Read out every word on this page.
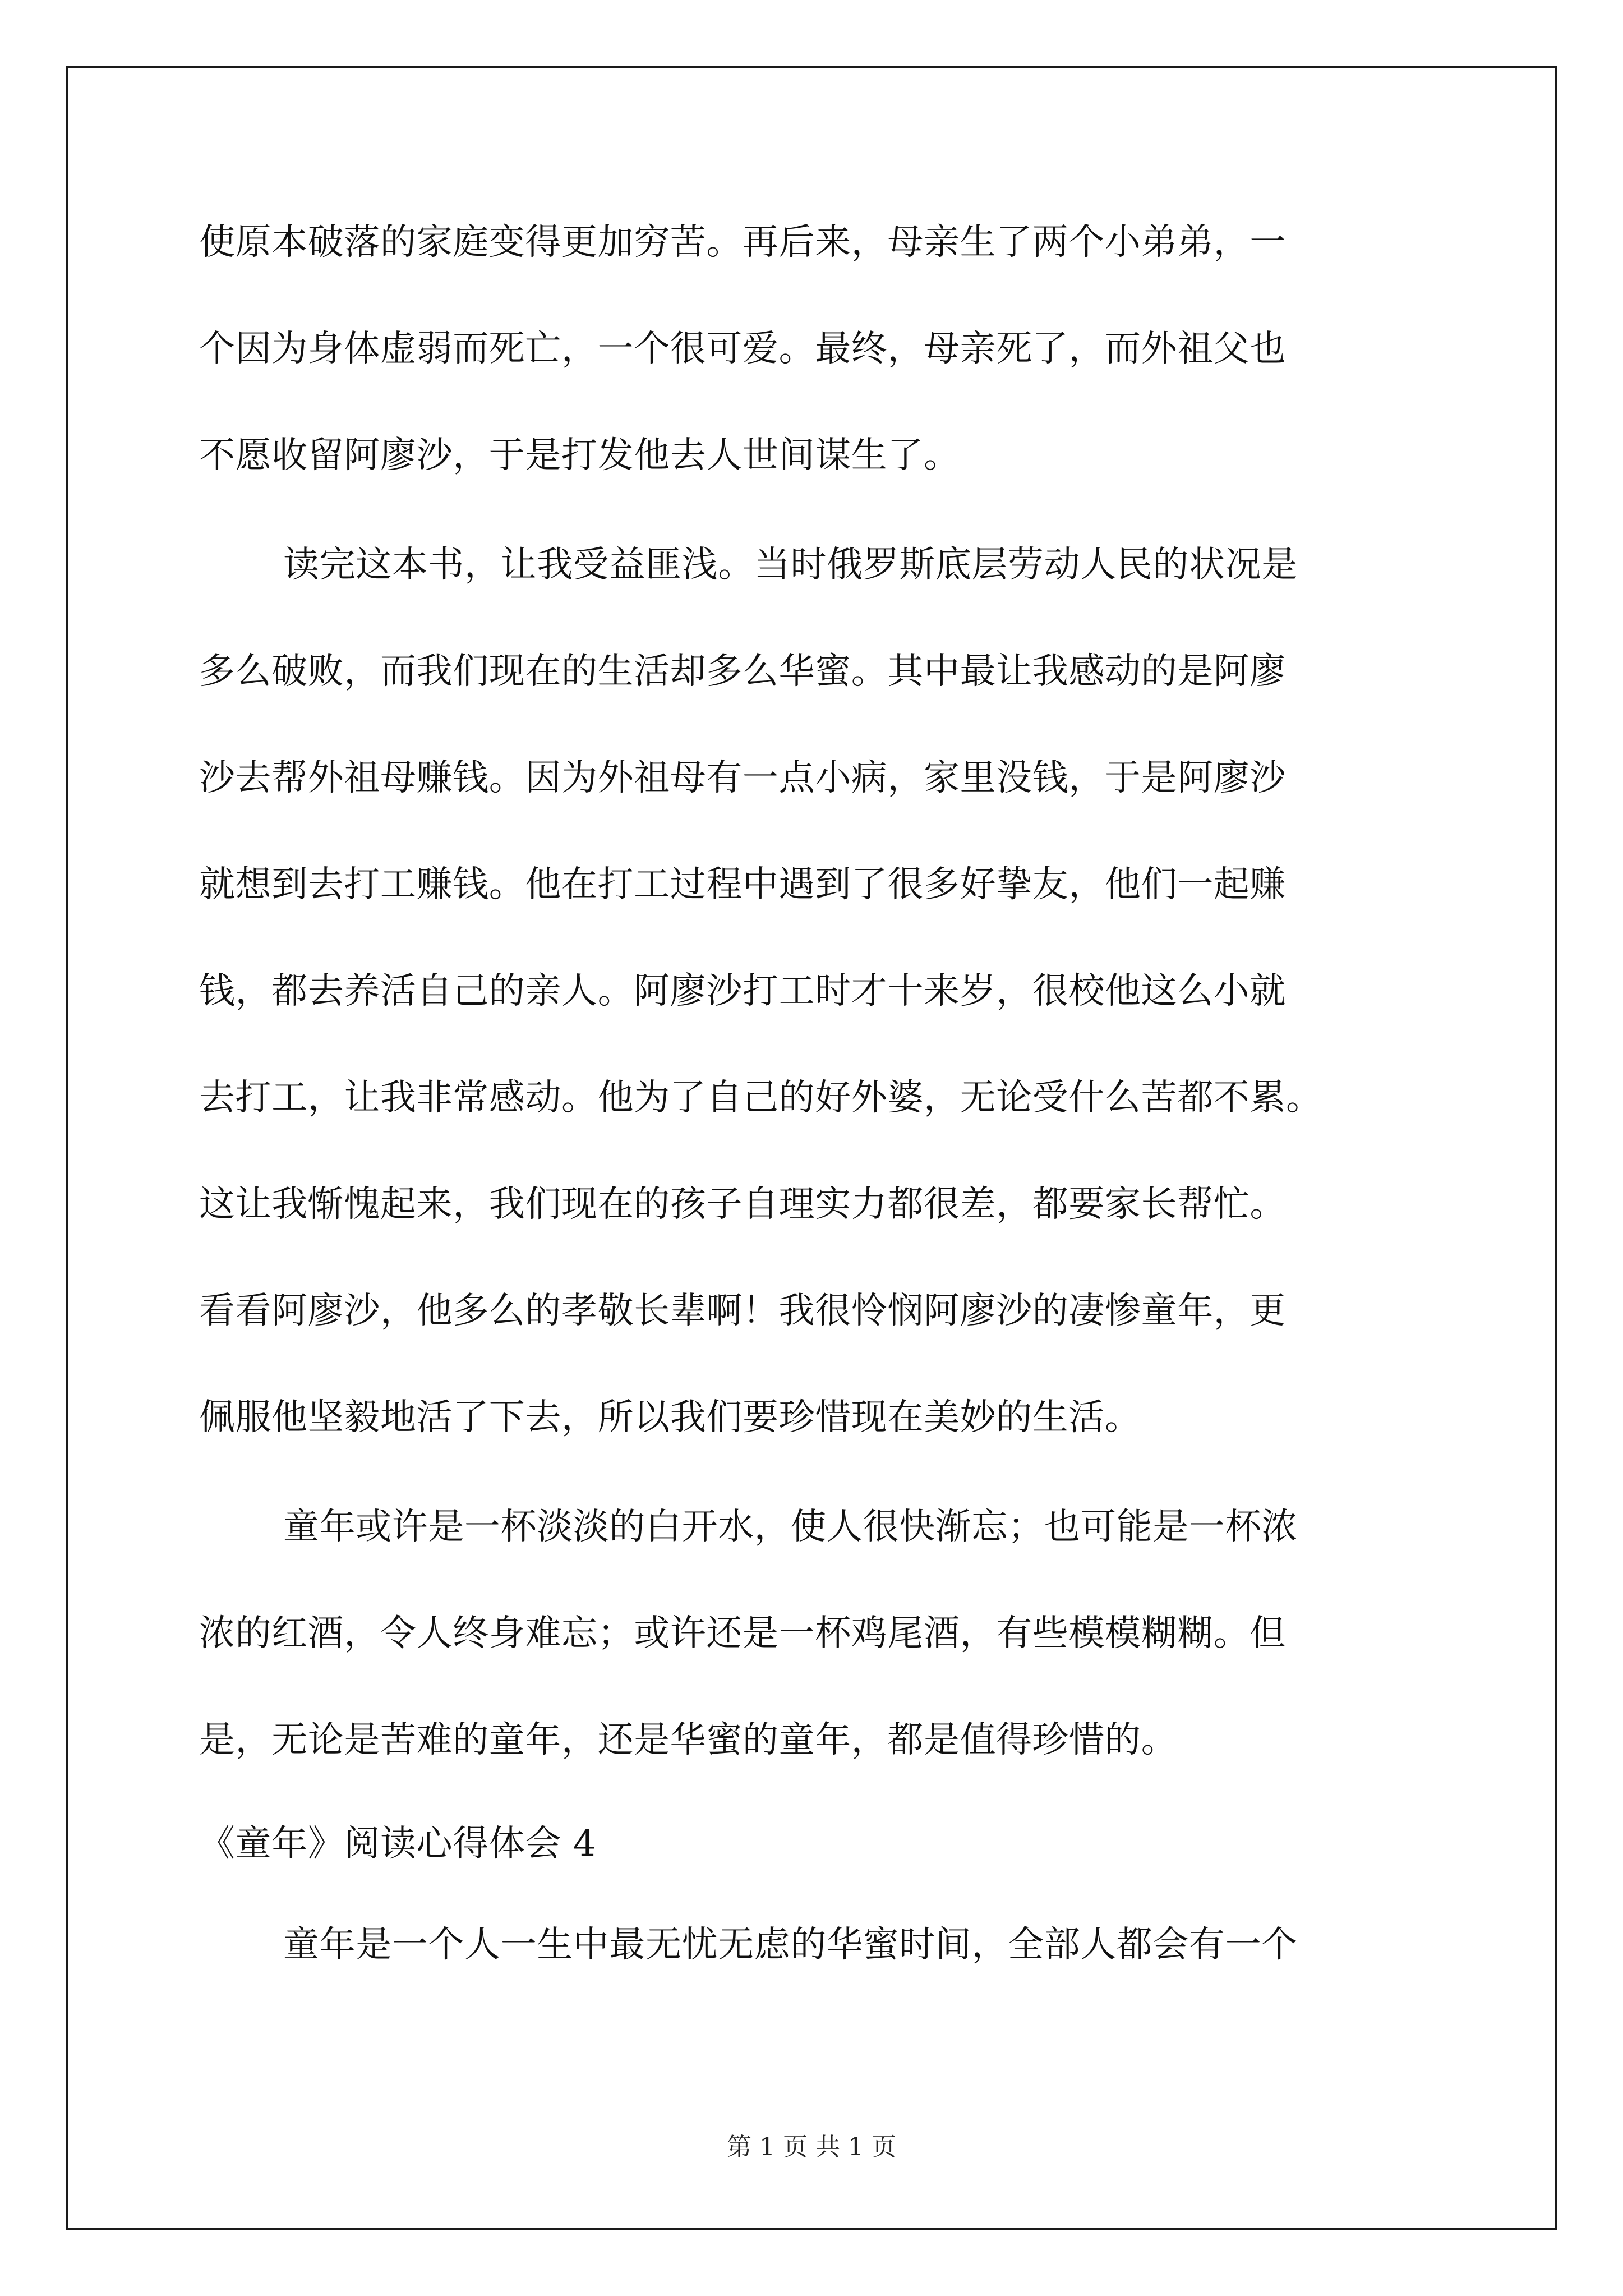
使原本破落的家庭变得更加穷苦。再后来，母亲生了两个小弟弟，一
个因为身体虚弱而死亡，一个很可爱。最终，母亲死了，而外祖父也
不愿收留阿廖沙，于是打发他去人世间谋生了。
读完这本书，让我受益匪浅。当时俄罗斯底层劳动人民的状况是
多么破败，而我们现在的生活却多么华蜜。其中最让我感动的是阿廖
沙去帮外祖母赚钱。因为外祖母有一点小病，家里没钱，于是阿廖沙
就想到去打工赚钱。他在打工过程中遇到了很多好挚友，他们一起赚
钱，都去养活自己的亲人。阿廖沙打工时才十来岁，很校他这么小就
去打工，让我非常感动。他为了自己的好外婆，无论受什么苦都不累。
这让我惭愧起来，我们现在的孩子自理实力都很差，都要家长帮忙。
看看阿廖沙，他多么的孝敬长辈啊！我很怜悯阿廖沙的凄惨童年，更
佩服他坚毅地活了下去，所以我们要珍惜现在美妙的生活。
童年或许是一杯淡淡的白开水，使人很快渐忘；也可能是一杯浓
浓的红酒，令人终身难忘；或许还是一杯鸡尾酒，有些模模糊糊。但
是，无论是苦难的童年，还是华蜜的童年，都是值得珍惜的。
《童年》阅读心得体会 4
童年是一个人一生中最无忧无虑的华蜜时间，全部人都会有一个
第 1 页 共 1 页
